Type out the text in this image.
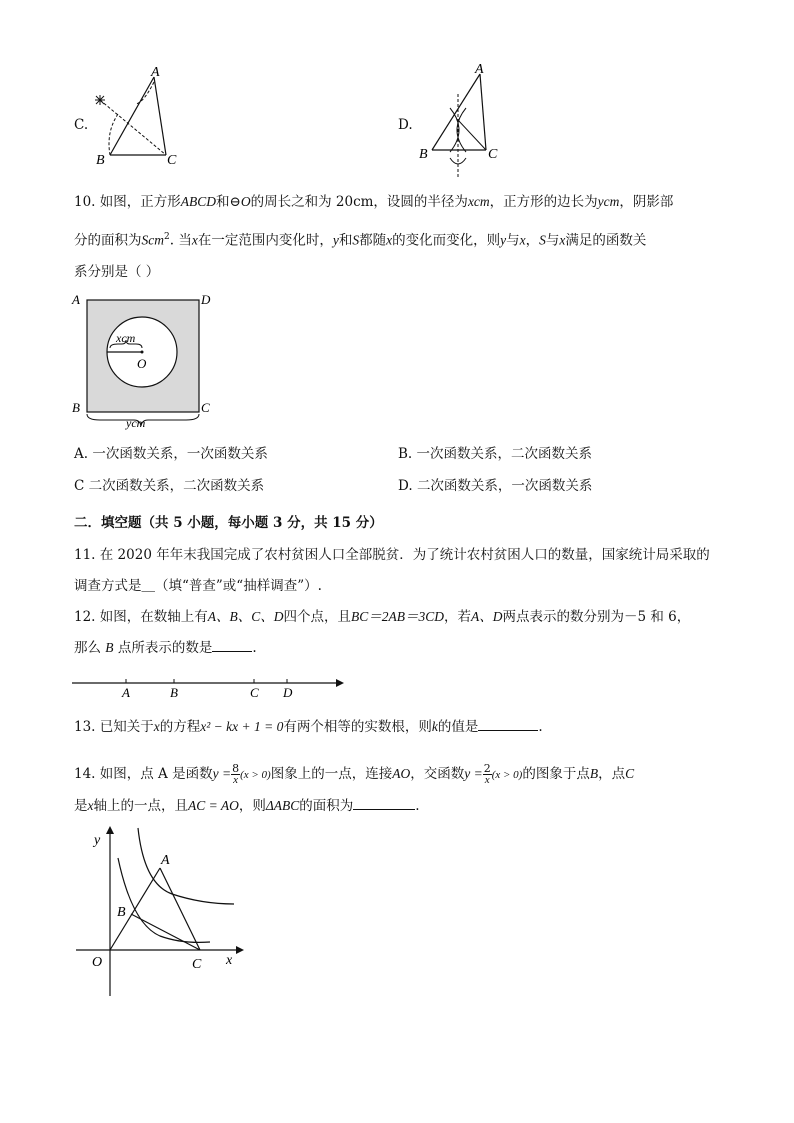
C.
A
B	C
D.
A
B	C
10. 如图，正方形ABCD和⊖O的周长之和为 20cm，设圆的半径为xcm，正方形的边长为ycm，阴影部
分的面积为Scm$^2$. 当x在一定范围内变化时，y和S都随x的变化而变化，则y与x，S与x满足的函数关
系分别是（ ）
A	D
B	C
O
xcm
ycm
A. 一次函数关系，一次函数关系	B. 一次函数关系，二次函数关系
C 二次函数关系，二次函数关系	D. 二次函数关系，一次函数关系
二．填空题（共 5 小题，每小题 3 分，共 15 分）
11. 在 2020 年年末我国完成了农村贫困人口全部脱贫．为了统计农村贫困人口的数量，国家统计局采取的
调查方式是＿（填“普查”或“抽样调查”）.
12. 如图，在数轴上有A、B、C、D四个点，且BC＝2AB＝3CD，若A、D两点表示的数分别为－5 和 6，
那么 B 点所表示的数是	.
A	B	C D
13. 已知关于x的方程x² − kx + 1 = 0有两个相等的实数根，则k的值是	.
14. 如图，点 A 是函数$y = \frac{8}{x} (x > 0)$图象上的一点，连接AO，交函数$y = \frac{2}{x} (x > 0)$的图象于点B，点C
是x轴上的一点，且AC = AO，则ΔABC的面积为	.
y
A
B
O	C x
